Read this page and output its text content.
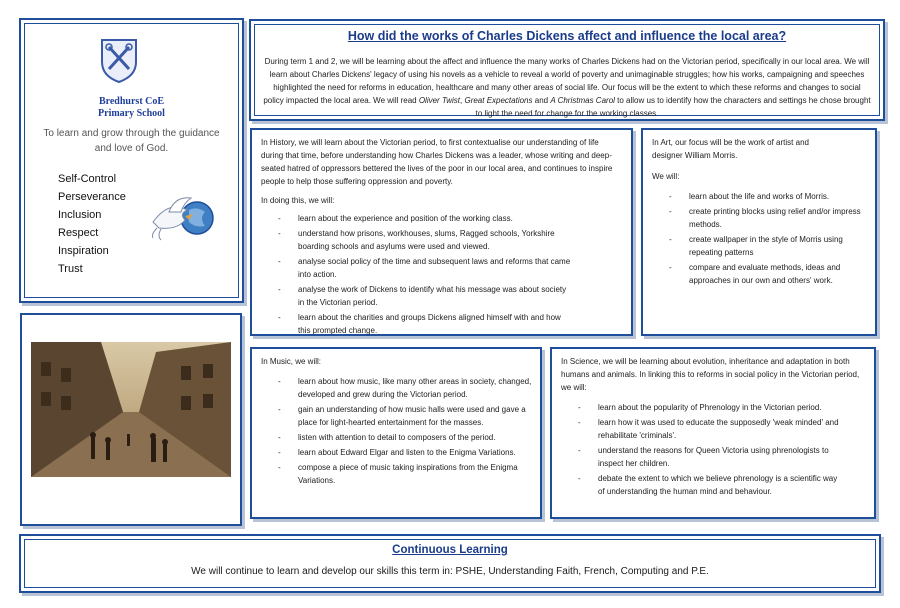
Bredhurst CoE
Primary School
To learn and grow through the guidance and love of God.
Self-Control
Perseverance
Inclusion
Respect
Inspiration
Trust
How did the works of Charles Dickens affect and influence the local area?

During term 1 and 2, we will be learning about the affect and influence the many works of Charles Dickens had on the Victorian period, specifically in our local area. We will learn about Charles Dickens' legacy of using his novels as a vehicle to reveal a world of poverty and unimaginable struggles; how his works, campaigning and speeches highlighted the need for reforms in education, healthcare and many other areas of social life. Our focus will be the extent to which these reforms and changes to social policy impacted the local area. We will read Oliver Twist, Great Expectations and A Christmas Carol to allow us to identify how the characters and settings he chose brought to light the need for change for the working classes.

In History, we will learn about the Victorian period, to first contextualise our understanding of life during that time, before understanding how Charles Dickens was a leader, whose writing and deep-seated hatred of oppressors bettered the lives of the poor in our local area, and continues to inspire people to help those suffering oppression and poverty.

In doing this, we will:

- learn about the experience and position of the working class.
- understand how prisons, workhouses, slums, Ragged schools, Yorkshire boarding schools and asylums were used and viewed.
- analyse social policy of the time and subsequent laws and reforms that came into action.
- analyse the work of Dickens to identify what his message was about society in the Victorian period.
- learn about the charities and groups Dickens aligned himself with and how this prompted change.

In Art, our focus will be the work of artist and designer William Morris.

We will:

- learn about the life and works of Morris.
- create printing blocks using relief and/or impress methods.
- create wallpaper in the style of Morris using repeating patterns
- compare and evaluate methods, ideas and approaches in our own and others' work.

In Music, we will:

- learn about how music, like many other areas in society, changed, developed and grew during the Victorian period.
- gain an understanding of how music halls were used and gave a place for light-hearted entertainment for the masses.
- listen with attention to detail to composers of the period.
- learn about Edward Elgar and listen to the Enigma Variations.
- compose a piece of music taking inspirations from the Enigma Variations.

In Science, we will be learning about evolution, inheritance and adaptation in both humans and animals. In linking this to reforms in social policy in the Victorian period, we will:

- learn about the popularity of Phrenology in the Victorian period.
- learn how it was used to educate the supposedly 'weak minded' and rehabilitate 'criminals'.
- understand the reasons for Queen Victoria using phrenologists to inspect her children.
- debate the extent to which we believe phrenology is a scientific way of understanding the human mind and behaviour.
Continuous Learning
We will continue to learn and develop our skills this term in: PSHE, Understanding Faith, French, Computing and P.E.
